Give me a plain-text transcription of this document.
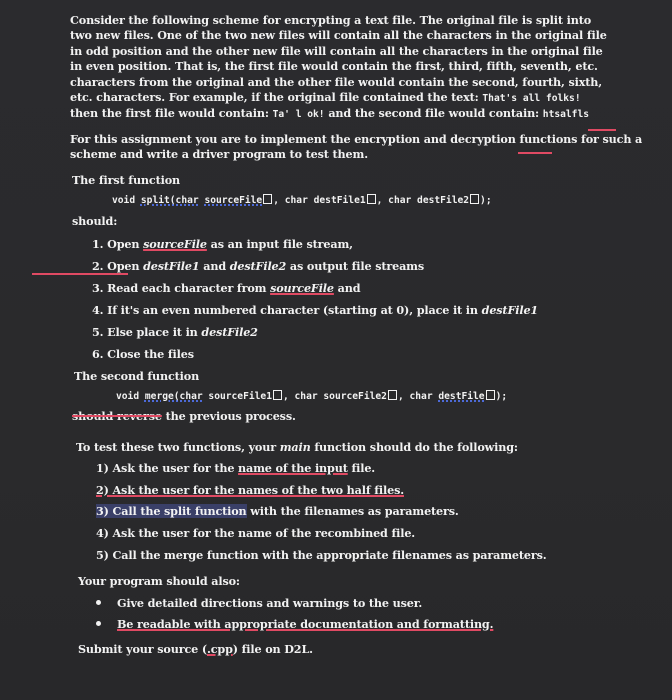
Consider the following scheme for encrypting a text file. The original file is split into two new files. One of the two new files will contain all the characters in the original file in odd position and the other new file will contain all the characters in the original file in even position. That is, the first file would contain the first, third, fifth, seventh, etc. characters from the original and the other file would contain the second, fourth, sixth, etc. characters. For example, if the original file contained the text: That's all folks! then the first file would contain: Ta' l ok! and the second file would contain: htsalfls
For this assignment you are to implement the encryption and decryption functions for such a
scheme and write a driver program to test them.
The first function
void split(char sourceFile , char destFile1 , char destFile2 );
should:
1. Open sourceFile as an input file stream,
2. Open destFile1 and destFile2 as output file streams
3. Read each character from sourceFile and
4. If it's an even numbered character (starting at 0), place it in destFile1
5. Else place it in destFile2
6. Close the files
The second function
void merge(char sourceFile1 , char sourceFile2 , char destFile );
should reverse the previous process.
To test these two functions, your main function should do the following:
1) Ask the user for the name of the input file.
2) Ask the user for the names of the two half files.
3) Call the split function with the filenames as parameters.
4) Ask the user for the name of the recombined file.
5) Call the merge function with the appropriate filenames as parameters.
Your program should also:
Give detailed directions and warnings to the user.
Be readable with appropriate documentation and formatting.
Submit your source (.cpp) file on D2L.
